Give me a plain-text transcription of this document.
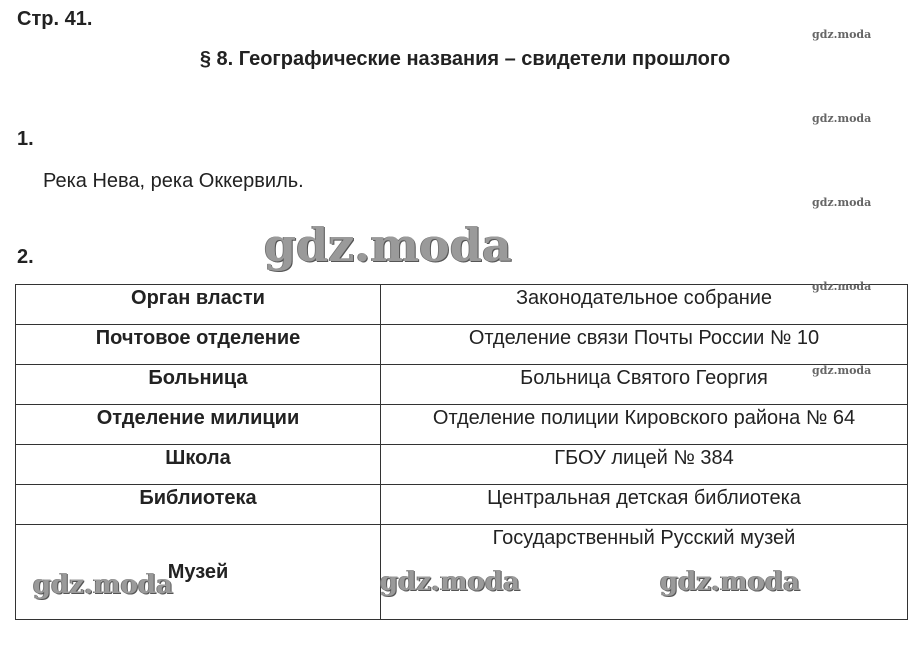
Стр. 41.
§ 8. Географические названия – свидетели прошлого
1.
Река Нева, река Оккервиль.
2.
gdz.moda
gdz.moda
gdz.moda
gdz.moda
Орган власти	Законодательное собрание
Почтовое отделение	Отделение связи Почты России № 10
Больница	Больница Святого Георгия
Отделение милиции	Отделение полиции Кировского района № 64
Школа	ГБОУ лицей № 384
Библиотека	Центральная детская библиотека
Музей	Государственный Русский музей
gdz.moda
gdz.moda
gdz.moda	gdz.moda	gdz.moda
